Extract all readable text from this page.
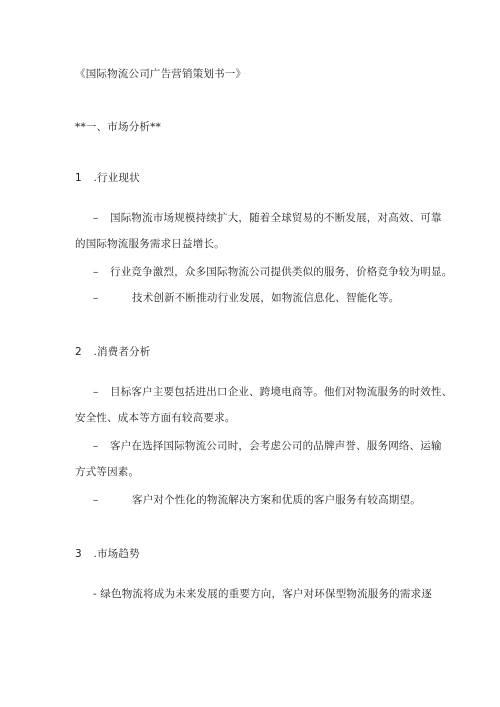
《国际物流公司广告营销策划书一》
**一、市场分析**
1 .行业现状
– 国际物流市场规模持续扩大，随着全球贸易的不断发展，对高效、可靠
的国际物流服务需求日益增长。
– 行业竞争激烈，众多国际物流公司提供类似的服务，价格竞争较为明显。
–	技术创新不断推动行业发展，如物流信息化、智能化等。
2 .消费者分析
– 目标客户主要包括进出口企业、跨境电商等。他们对物流服务的时效性、
安全性、成本等方面有较高要求。
– 客户在选择国际物流公司时，会考虑公司的品牌声誉、服务网络、运输
方式等因素。
–	客户对个性化的物流解决方案和优质的客户服务有较高期望。
3 .市场趋势
- 绿色物流将成为未来发展的重要方向，客户对环保型物流服务的需求逐
